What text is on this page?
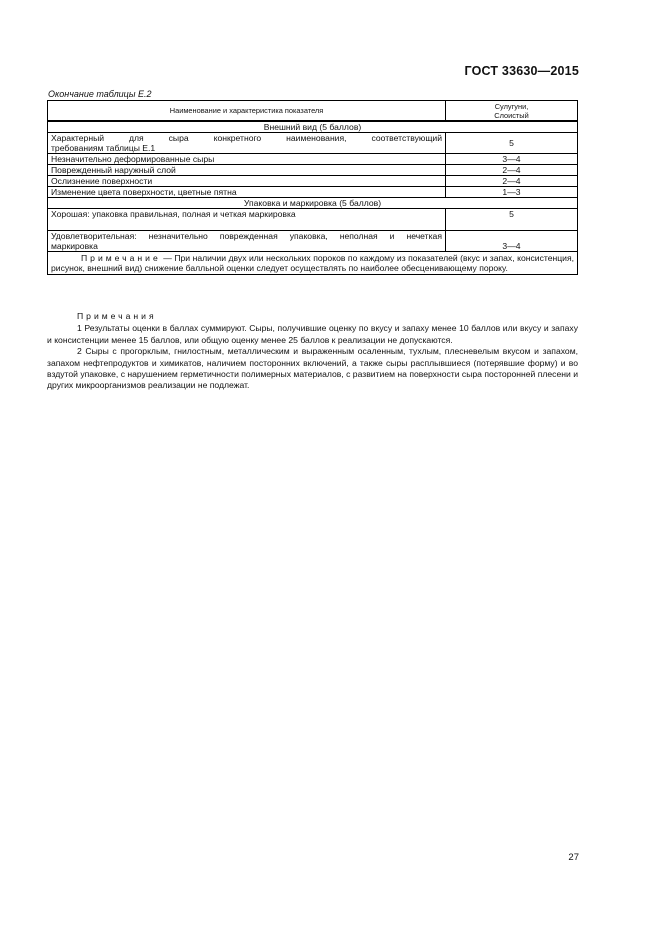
ГОСТ 33630—2015
Окончание таблицы Е.2
Наименование и характеристика показателя	Сулугуни,
Слоистый
Внешний вид (5 баллов)	

Характерный для сыра конкретного наименования, соответствующий
требованиям таблицы Е.1	5
Незначительно деформированные сыры	3—4
Поврежденный наружный слой	2—4
Ослизнение поверхности	2—4
Изменение цвета поверхности, цветные пятна	1—3
Упаковка и маркировка (5 баллов)	
Хорошая: упаковка правильная, полная и четкая маркировка	5

Удовлетворительная: незначительно поврежденная упаковка, неполная и нечеткая
маркировка	3—4
Примечание — При наличии двух или нескольких пороков по каждому из показателей (вкус и запах, консистенция, рисунок, внешний вид) снижение балльной оценки следует осуществлять по наиболее обесценивающему пороку.	
Примечания

1 Результаты оценки в баллах суммируют. Сыры, получившие оценку по вкусу и запаху менее 10 баллов или вкусу и запаху и консистенции менее 15 баллов, или общую оценку менее 25 баллов к реализации не допускаются.

2 Сыры с прогорклым, гнилостным, металлическим и выраженным осаленным, тухлым, плесневелым вкусом и запахом, запахом нефтепродуктов и химикатов, наличием посторонних включений, а также сыры расплывшиеся (потерявшие форму) и во вздутой упаковке, с нарушением герметичности полимерных материалов, с развитием на поверхности сыра посторонней плесени и других микроорганизмов реализации не подлежат.

27
